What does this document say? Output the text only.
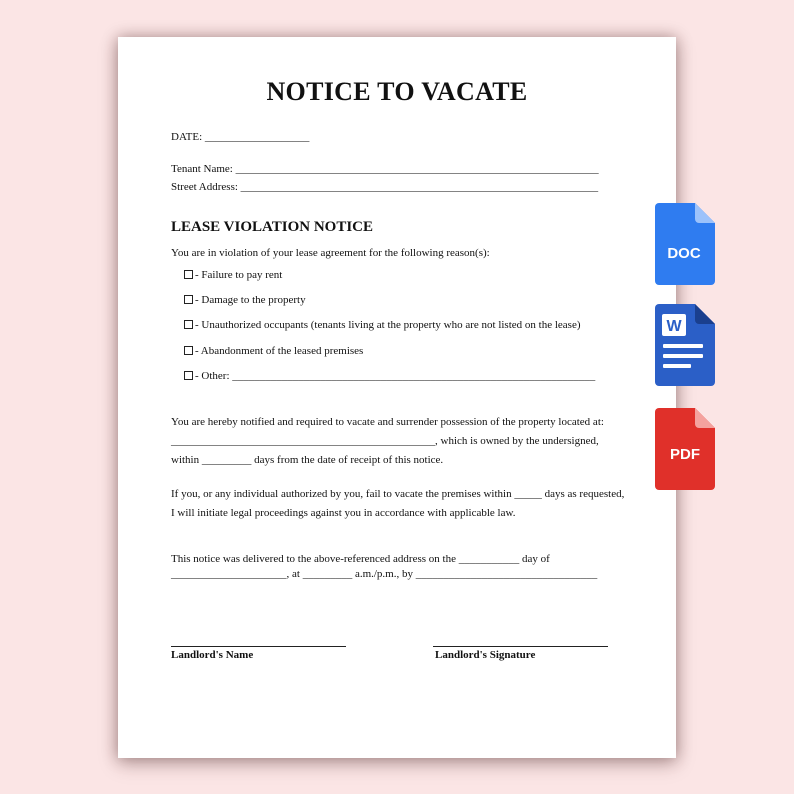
NOTICE TO VACATE
DATE: ___________________
Tenant Name: __________________________________________________________________
Street Address: _________________________________________________________________
LEASE VIOLATION NOTICE
You are in violation of your lease agreement for the following reason(s):
- Failure to pay rent
- Damage to the property
- Unauthorized occupants (tenants living at the property who are not listed on the lease)
- Abandonment of the leased premises
- Other: __________________________________________________________________
You are hereby notified and required to vacate and surrender possession of the property located at:
________________________________________________, which is owned by the undersigned,
within _________ days from the date of receipt of this notice.
If you, or any individual authorized by you, fail to vacate the premises within _____ days as requested,
I will initiate legal proceedings against you in accordance with applicable law.
This notice was delivered to the above-referenced address on the ___________ day of
_____________________, at _________ a.m./p.m., by _________________________________
Landlord's Name	Landlord's Signature
DOC
W
PDF
